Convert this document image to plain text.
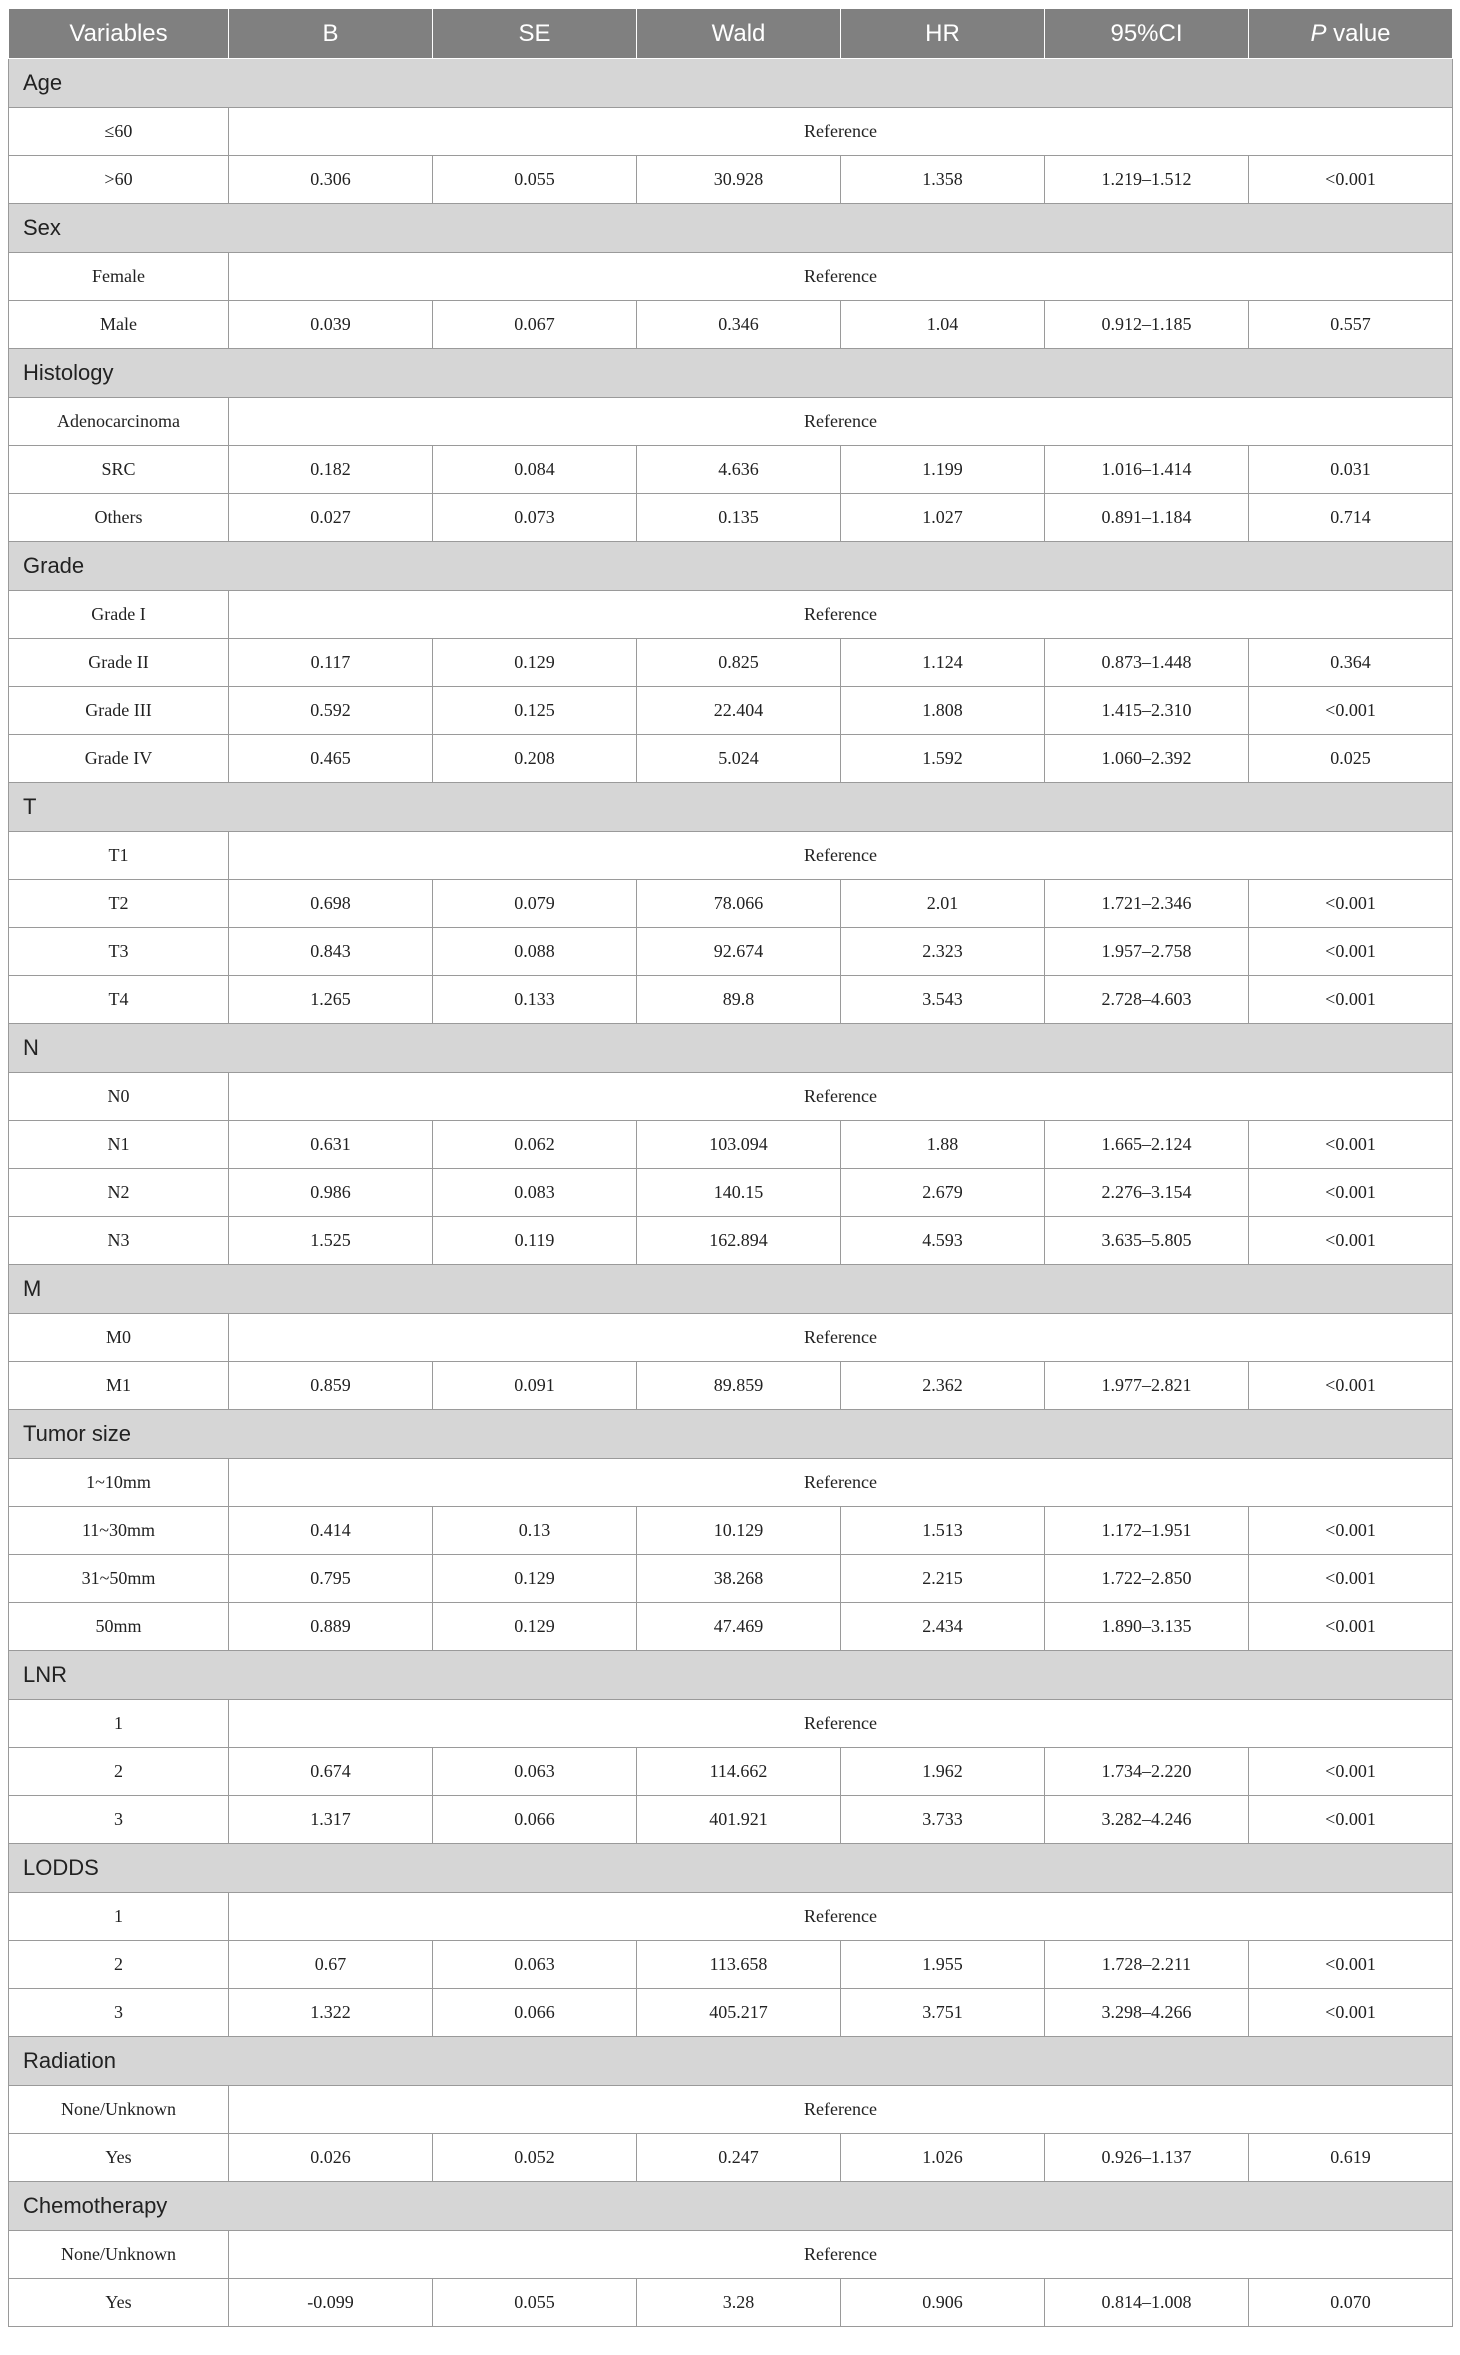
Variables	B	SE	Wald	HR	95%CI	P value
Age						
≤60	Reference					
>60	0.306	0.055	30.928	1.358	1.219–1.512	<0.001
Sex						
Female	Reference					
Male	0.039	0.067	0.346	1.04	0.912–1.185	0.557
Histology						
Adenocarcinoma	Reference					
SRC	0.182	0.084	4.636	1.199	1.016–1.414	0.031
Others	0.027	0.073	0.135	1.027	0.891–1.184	0.714
Grade						
Grade I	Reference					
Grade II	0.117	0.129	0.825	1.124	0.873–1.448	0.364
Grade III	0.592	0.125	22.404	1.808	1.415–2.310	<0.001
Grade IV	0.465	0.208	5.024	1.592	1.060–2.392	0.025
T						
T1	Reference					
T2	0.698	0.079	78.066	2.01	1.721–2.346	<0.001
T3	0.843	0.088	92.674	2.323	1.957–2.758	<0.001
T4	1.265	0.133	89.8	3.543	2.728–4.603	<0.001
N						
N0	Reference					
N1	0.631	0.062	103.094	1.88	1.665–2.124	<0.001
N2	0.986	0.083	140.15	2.679	2.276–3.154	<0.001
N3	1.525	0.119	162.894	4.593	3.635–5.805	<0.001
M						
M0	Reference					
M1	0.859	0.091	89.859	2.362	1.977–2.821	<0.001
Tumor size						
1~10mm	Reference					
11~30mm	0.414	0.13	10.129	1.513	1.172–1.951	<0.001
31~50mm	0.795	0.129	38.268	2.215	1.722–2.850	<0.001
50mm	0.889	0.129	47.469	2.434	1.890–3.135	<0.001
LNR						
1	Reference					
2	0.674	0.063	114.662	1.962	1.734–2.220	<0.001
3	1.317	0.066	401.921	3.733	3.282–4.246	<0.001
LODDS						
1	Reference					
2	0.67	0.063	113.658	1.955	1.728–2.211	<0.001
3	1.322	0.066	405.217	3.751	3.298–4.266	<0.001
Radiation						
None/Unknown	Reference					
Yes	0.026	0.052	0.247	1.026	0.926–1.137	0.619
Chemotherapy						
None/Unknown	Reference					
Yes	-0.099	0.055	3.28	0.906	0.814–1.008	0.070
